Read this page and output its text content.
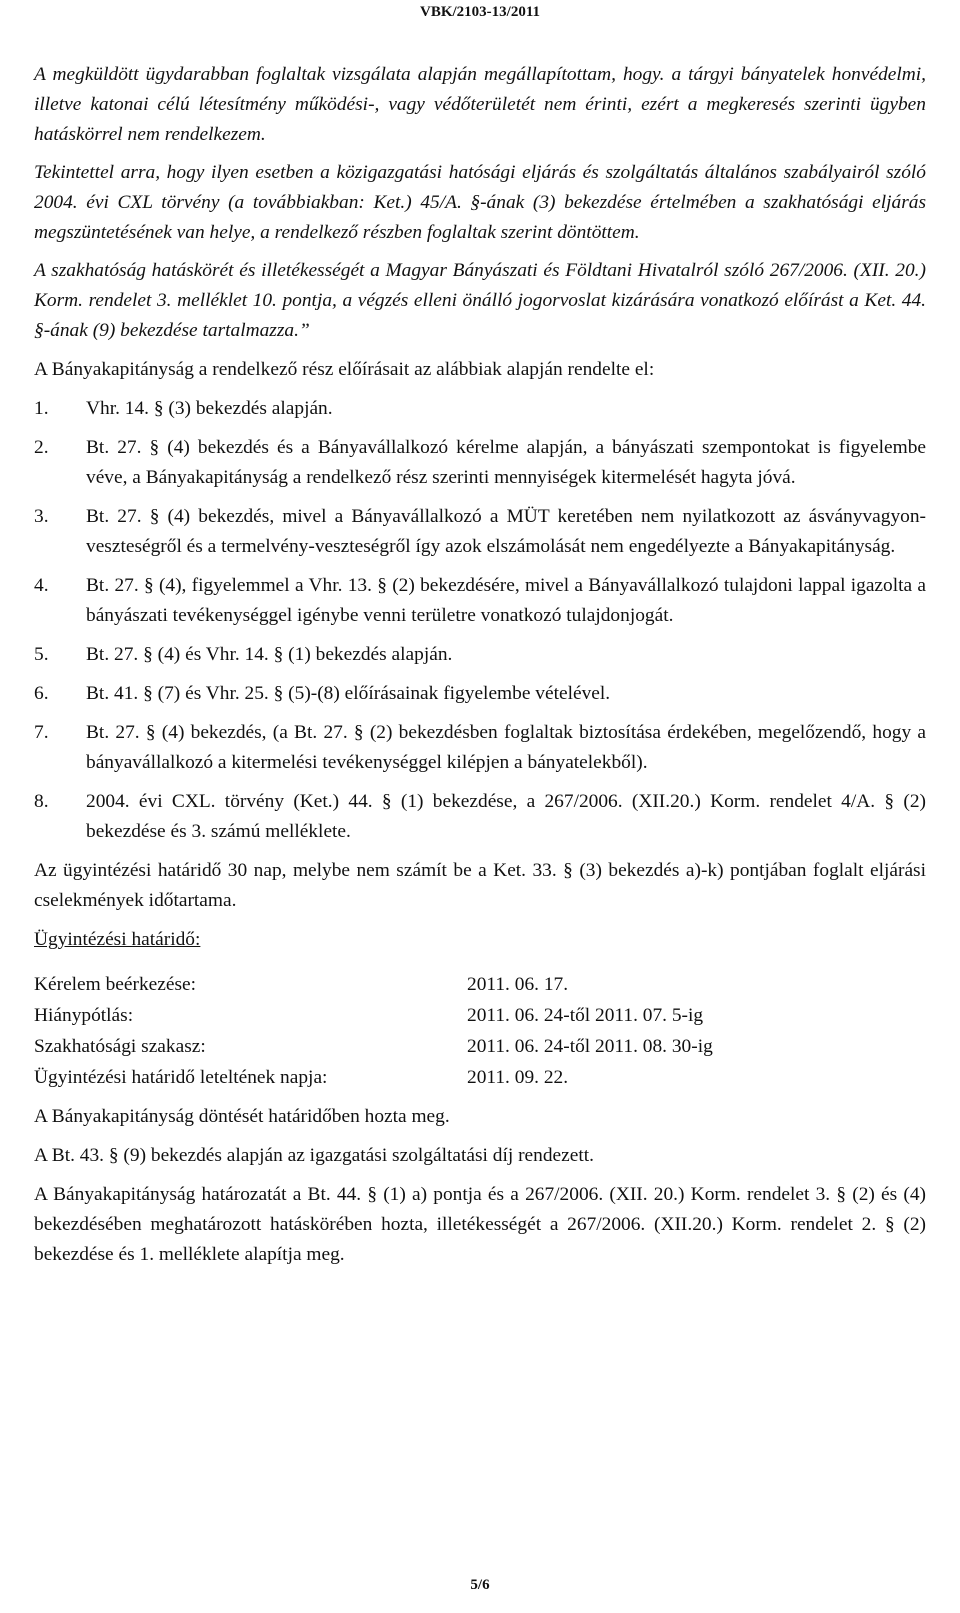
VBK/2103-13/2011

A megküldött ügydarabban foglaltak vizsgálata alapján megállapítottam, hogy. a tárgyi bányatelek honvédelmi, illetve katonai célú létesítmény működési-, vagy védőterületét nem érinti, ezért a megkeresés szerinti ügyben hatáskörrel nem rendelkezem.

Tekintettel arra, hogy ilyen esetben a közigazgatási hatósági eljárás és szolgáltatás általános szabályairól szóló 2004. évi CXL törvény (a továbbiakban: Ket.) 45/A. §-ának (3) bekezdése értelmében a szakhatósági eljárás megszüntetésének van helye, a rendelkező részben foglaltak szerint döntöttem.

A szakhatóság hatáskörét és illetékességét a Magyar Bányászati és Földtani Hivatalról szóló 267/2006. (XII. 20.) Korm. rendelet 3. melléklet 10. pontja, a végzés elleni önálló jogorvoslat kizárására vonatkozó előírást a Ket. 44. §-ának (9) bekezdése tartalmazza.”

A Bányakapitányság a rendelkező rész előírásait az alábbiak alapján rendelte el:

1.	Vhr. 14. § (3) bekezdés alapján.
2.	Bt. 27. § (4) bekezdés és a Bányavállalkozó kérelme alapján, a bányászati szempontokat is figyelembe véve, a Bányakapitányság a rendelkező rész szerinti mennyiségek kitermelését hagyta jóvá.
3.	Bt. 27. § (4) bekezdés, mivel a Bányavállalkozó a MÜT keretében nem nyilatkozott az ásványvagyon-veszteségről és a termelvény-veszteségről így azok elszámolását nem engedélyezte a Bányakapitányság.
4.	Bt. 27. § (4), figyelemmel a Vhr. 13. § (2) bekezdésére, mivel a Bányavállalkozó tulajdoni lappal igazolta a bányászati tevékenységgel igénybe venni területre vonatkozó tulajdonjogát.
5.	Bt. 27. § (4) és Vhr. 14. § (1) bekezdés alapján.
6.	Bt. 41. § (7) és Vhr. 25. § (5)-(8) előírásainak figyelembe vételével.
7.	Bt. 27. § (4) bekezdés, (a Bt. 27. § (2) bekezdésben foglaltak biztosítása érdekében, megelőzendő, hogy a bányavállalkozó a kitermelési tevékenységgel kilépjen a bányatelekből).
8.	2004. évi CXL. törvény (Ket.) 44. § (1) bekezdése, a 267/2006. (XII.20.) Korm. rendelet 4/A. § (2) bekezdése és 3. számú melléklete.

Az ügyintézési határidő 30 nap, melybe nem számít be a Ket. 33. § (3) bekezdés a)-k) pontjában foglalt eljárási cselekmények időtartama.

Ügyintézési határidő:

Kérelem beérkezése:	2011. 06. 17.
Hiánypótlás:	2011. 06. 24-től 2011. 07. 5-ig
Szakhatósági szakasz:	2011. 06. 24-től 2011. 08. 30-ig
Ügyintézési határidő leteltének napja:	2011. 09. 22.

A Bányakapitányság döntését határidőben hozta meg.

A Bt. 43. § (9) bekezdés alapján az igazgatási szolgáltatási díj rendezett.

A Bányakapitányság határozatát a Bt. 44. § (1) a) pontja és a 267/2006. (XII. 20.) Korm. rendelet 3. § (2) és (4) bekezdésében meghatározott hatáskörében hozta, illetékességét a 267/2006. (XII.20.) Korm. rendelet 2. § (2) bekezdése és 1. melléklete alapítja meg.

5/6
